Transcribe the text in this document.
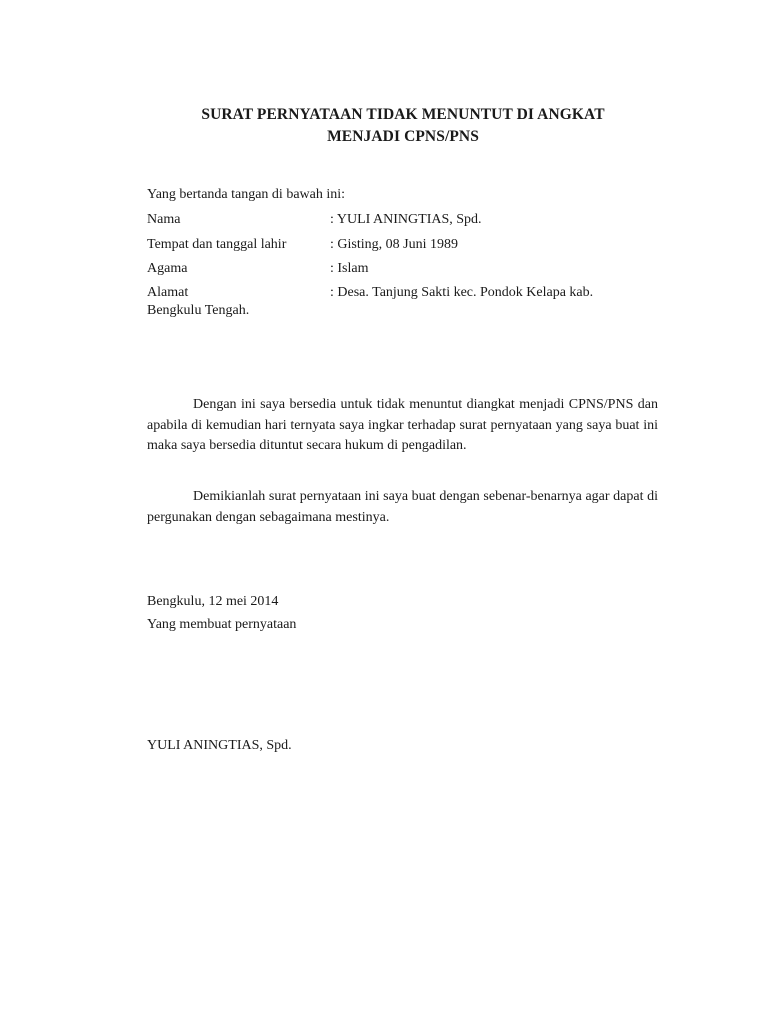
SURAT PERNYATAAN TIDAK MENUNTUT DI ANGKAT
MENJADI CPNS/PNS
Yang bertanda tangan di bawah ini:
Nama	: YULI ANINGTIAS, Spd.
Tempat dan tanggal lahir	: Gisting, 08 Juni 1989
Agama	: Islam
Alamat	: Desa. Tanjung Sakti kec. Pondok Kelapa kab.
Bengkulu Tengah.
Dengan ini saya bersedia untuk tidak menuntut diangkat menjadi CPNS/PNS dan apabila di kemudian hari ternyata saya ingkar terhadap surat pernyataan yang saya buat ini maka saya bersedia dituntut secara hukum di pengadilan.
Demikianlah surat pernyataan ini saya buat dengan sebenar-benarnya agar dapat di pergunakan dengan sebagaimana mestinya.
Bengkulu, 12 mei 2014
Yang membuat pernyataan
YULI ANINGTIAS, Spd.
